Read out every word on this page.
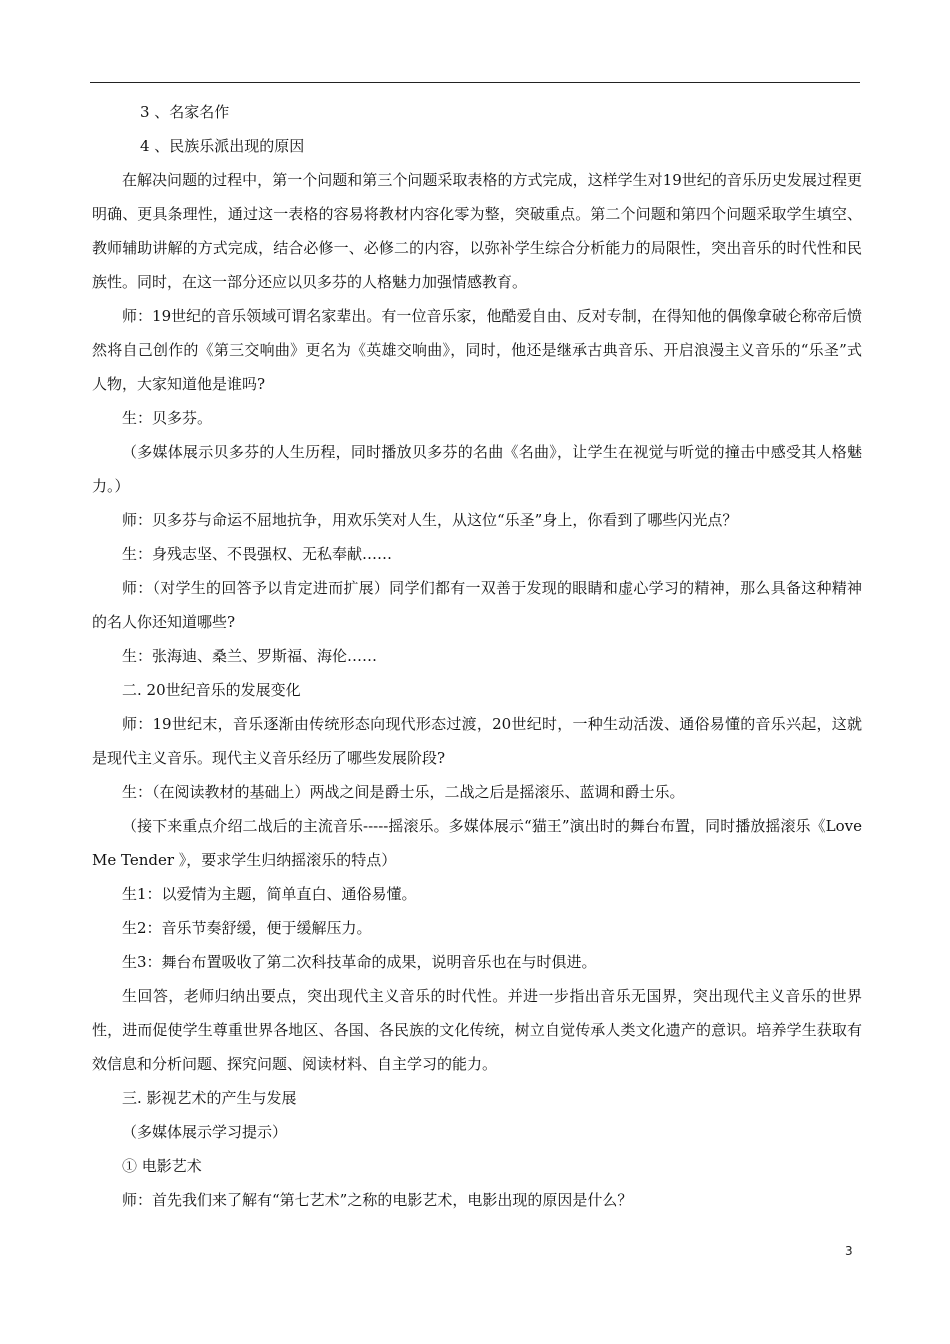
3 、名家名作

4 、民族乐派出现的原因

在解决问题的过程中，第一个问题和第三个问题采取表格的方式完成，这样学生对19世纪的音乐历史发展过程更明确、更具条理性，通过这一表格的容易将教材内容化零为整，突破重点。第二个问题和第四个问题采取学生填空、教师辅助讲解的方式完成，结合必修一、必修二的内容，以弥补学生综合分析能力的局限性，突出音乐的时代性和民族性。同时，在这一部分还应以贝多芬的人格魅力加强情感教育。

师：19世纪的音乐领域可谓名家辈出。有一位音乐家，他酷爱自由、反对专制，在得知他的偶像拿破仑称帝后愤然将自己创作的《第三交响曲》更名为《英雄交响曲》，同时，他还是继承古典音乐、开启浪漫主义音乐的“乐圣”式人物，大家知道他是谁吗?

生：贝多芬。

（多媒体展示贝多芬的人生历程，同时播放贝多芬的名曲《名曲》，让学生在视觉与听觉的撞击中感受其人格魅力。）

师：贝多芬与命运不屈地抗争，用欢乐笑对人生，从这位“乐圣”身上，你看到了哪些闪光点？

生：身残志坚、不畏强权、无私奉献……

师：（对学生的回答予以肯定进而扩展）同学们都有一双善于发现的眼睛和虚心学习的精神，那么具备这种精神的名人你还知道哪些?

生：张海迪、桑兰、罗斯福、海伦……

二. 20世纪音乐的发展变化

师：19世纪末，音乐逐渐由传统形态向现代形态过渡，20世纪时，一种生动活泼、通俗易懂的音乐兴起，这就是现代主义音乐。现代主义音乐经历了哪些发展阶段?

生：（在阅读教材的基础上）两战之间是爵士乐，二战之后是摇滚乐、蓝调和爵士乐。

（接下来重点介绍二战后的主流音乐-----摇滚乐。多媒体展示“猫王”演出时的舞台布置，同时播放摇滚乐《Love Me Tender 》，要求学生归纳摇滚乐的特点）

生1：以爱情为主题，简单直白、通俗易懂。

生2：音乐节奏舒缓，便于缓解压力。

生3：舞台布置吸收了第二次科技革命的成果，说明音乐也在与时俱进。

生回答，老师归纳出要点，突出现代主义音乐的时代性。并进一步指出音乐无国界，突出现代主义音乐的世界性，进而促使学生尊重世界各地区、各国、各民族的文化传统，树立自觉传承人类文化遗产的意识。培养学生获取有效信息和分析问题、探究问题、阅读材料、自主学习的能力。

三. 影视艺术的产生与发展

（多媒体展示学习提示）

① 电影艺术

师：首先我们来了解有“第七艺术”之称的电影艺术，电影出现的原因是什么？

3
